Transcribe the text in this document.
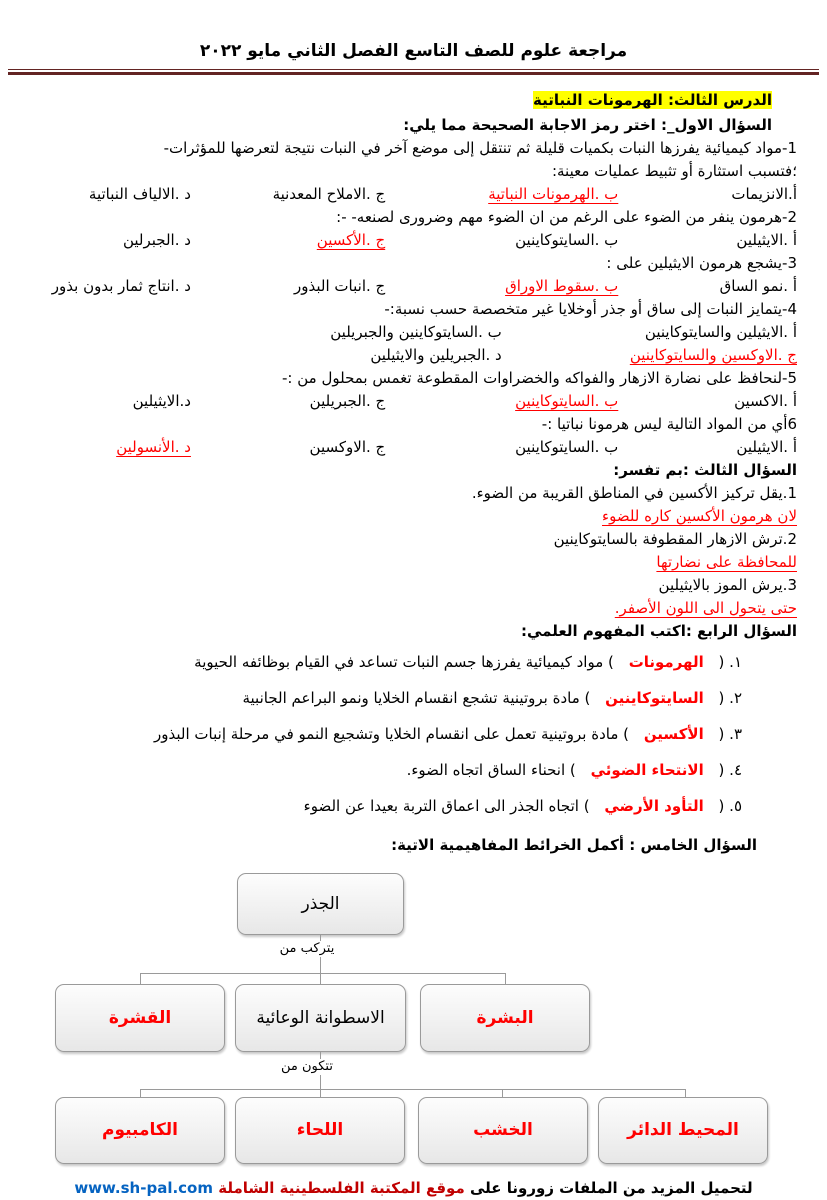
مراجعة علوم للصف التاسع الفصل الثاني مايو ٢٠٢٢
الدرس الثالث: الهرمونات النباتية
السؤال الاول_: اختر رمز الاجابة الصحيحة مما يلي:
1-مواد كيميائية يفرزها النبات بكميات قليلة ثم تنتقل إلى موضع آخر في النبات نتيجة لتعرضها للمؤثرات-
؛فتسبب استثارة أو تثبيط عمليات معينة:
أ.الانزيمات
ب .الهرمونات النباتية
ج .الاملاح المعدنية
د .الالياف النباتية
2-هرمون ينفر من الضوء على الرغم من ان الضوء مهم وضرورى لصنعه- -:
أ .الايثيلين
ب .السايتوكاينين
ج .الأكسين
د .الجبرلين
3-يشجع هرمون الايثيلين على :
أ .نمو الساق
ب .سقوط الاوراق
ج .انبات البذور
د .انتاج ثمار بدون بذور
4-يتمايز النبات إلى ساق أو جذر أوخلايا غير متخصصة حسب نسبة:-
أ .الايثيلين والسايتوكاينين
ب .السايتوكاينين والجبريلين
ج .الاوكسين والسايتوكاينين
د .الجبريلين والايثيلين
5-لنحافظ على نضارة الازهار والفواكه والخضراوات المقطوعة تغمس بمحلول من :-
أ .الاكسين
ب .السايتوكاينين
ج .الجبريلين
د.الايثيلين
6أي من المواد التالية ليس هرمونا نباتيا :-
أ .الايثيلين
ب .السايتوكاينين
ج .الاوكسين
د .الأنسولين
السؤال الثالث :بم تفسر:
1.يقل تركيز الأكسين في المناطق القريبة من الضوء.
لان هرمون الأكسين كاره للضوء
2.ترش الازهار المقطوفة بالسايتوكاينين
للمحافظة على نضارتها
3.يرش الموز بالايثيلين
حتى يتحول الى اللون الأصفر.
السؤال الرابع :اكتب المفهوم العلمي:
١. ( الهرمونات ) مواد كيميائية يفرزها جسم النبات تساعد في القيام بوظائفه الحيوية
٢. ( السايتوكاينين ) مادة بروتينية تشجع انقسام الخلايا ونمو البراعم الجانبية
٣. ( الأكسين ) مادة بروتينية تعمل على انقسام الخلايا وتشجيع النمو في مرحلة إنبات البذور
٤. ( الانتحاء الضوئي ) انحناء الساق اتجاه الضوء.
٥. ( التأود الأرضي ) اتجاه الجذر الى اعماق التربة بعيدا عن الضوء
السؤال الخامس : أكمل الخرائط المفاهيمية الاتية:
الجذر
يتركب من
البشرة
الاسطوانة الوعائية
القشرة
تتكون من
المحيط الدائر
الخشب
اللحاء
الكامبيوم
لتحميل المزيد من الملفات زورونا على موقع المكتبة الفلسطينية الشاملة www.sh-pal.com
